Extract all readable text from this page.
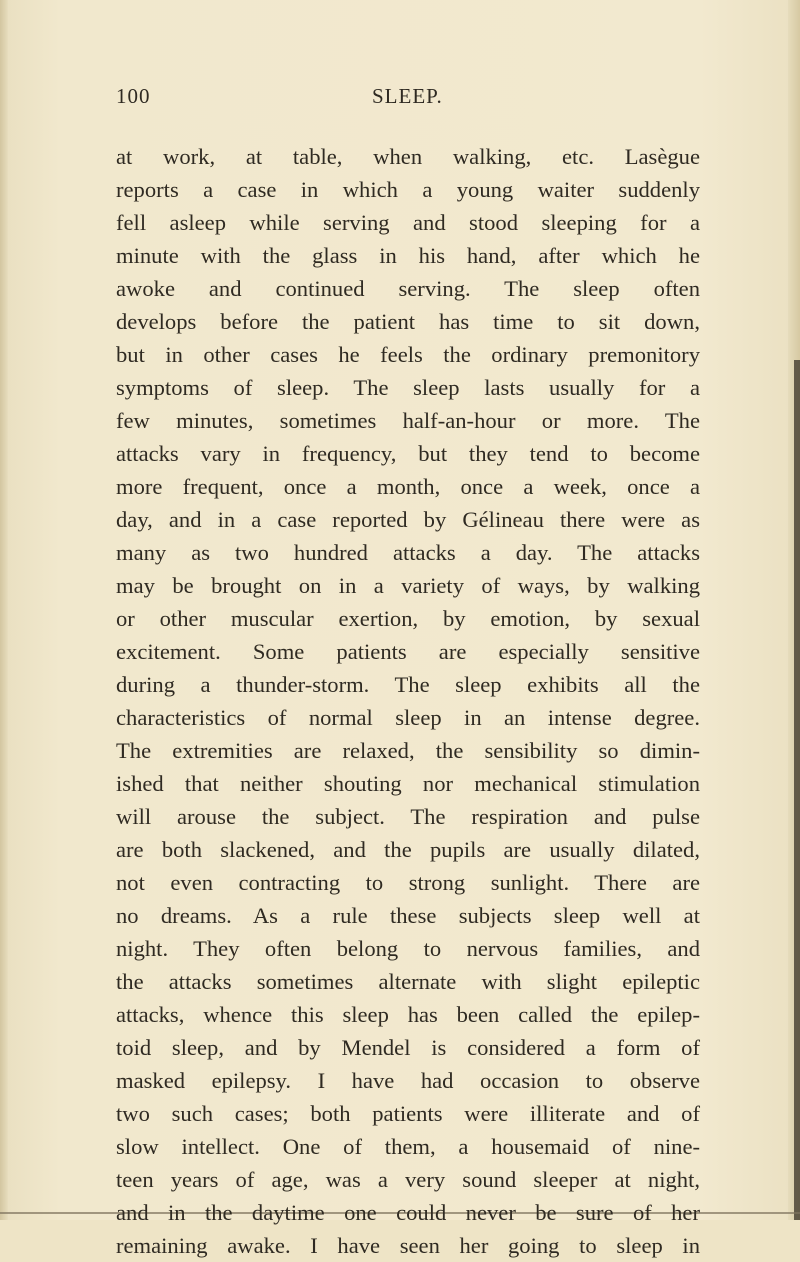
100	SLEEP.
at work, at table, when walking, etc. Lasègue
reports a case in which a young waiter suddenly
fell asleep while serving and stood sleeping for a
minute with the glass in his hand, after which he
awoke and continued serving. The sleep often
develops before the patient has time to sit down,
but in other cases he feels the ordinary premonitory
symptoms of sleep. The sleep lasts usually for a
few minutes, sometimes half-an-hour or more. The
attacks vary in frequency, but they tend to become
more frequent, once a month, once a week, once a
day, and in a case reported by Gélineau there were as
many as two hundred attacks a day. The attacks
may be brought on in a variety of ways, by walking
or other muscular exertion, by emotion, by sexual
excitement. Some patients are especially sensitive
during a thunder-storm. The sleep exhibits all the
characteristics of normal sleep in an intense degree.
The extremities are relaxed, the sensibility so dimin-
ished that neither shouting nor mechanical stimulation
will arouse the subject. The respiration and pulse
are both slackened, and the pupils are usually dilated,
not even contracting to strong sunlight. There are
no dreams. As a rule these subjects sleep well at
night. They often belong to nervous families, and
the attacks sometimes alternate with slight epileptic
attacks, whence this sleep has been called the epilep-
toid sleep, and by Mendel is considered a form of
masked epilepsy. I have had occasion to observe
two such cases; both patients were illiterate and of
slow intellect. One of them, a housemaid of nine-
teen years of age, was a very sound sleeper at night,
and in the daytime one could never be sure of her
remaining awake. I have seen her going to sleep in
